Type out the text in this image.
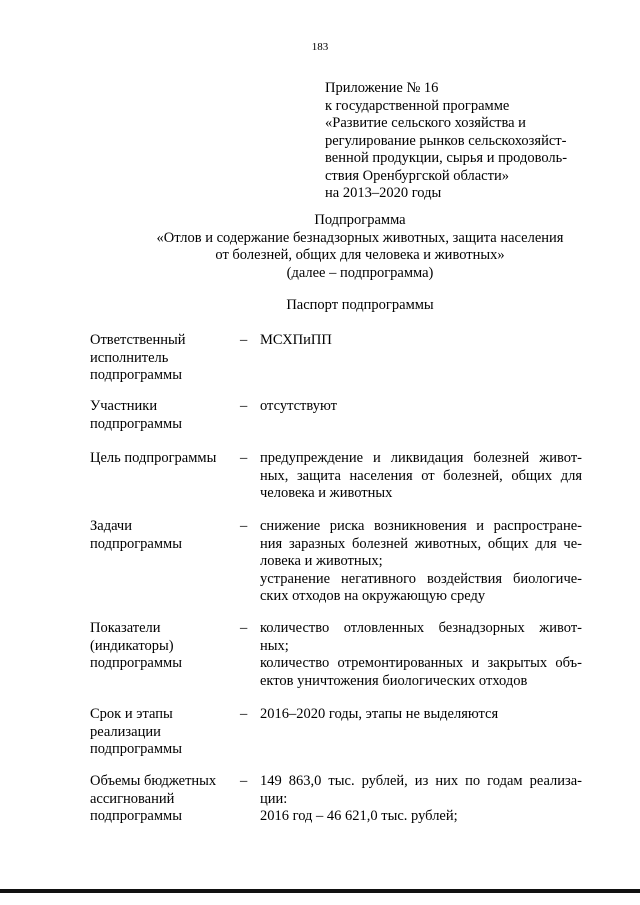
183
Приложение № 16
к государственной программе
«Развитие сельского хозяйства и
регулирование рынков сельскохозяйст-
венной продукции, сырья и продоволь-
ствия Оренбургской области»
на 2013–2020 годы
Подпрограмма
«Отлов и содержание безнадзорных животных, защита населения
от болезней, общих для человека и животных»
(далее – подпрограмма)
Паспорт подпрограммы
Ответственный
исполнитель
подпрограммы
– МСХПиПП
Участники
подпрограммы
– отсутствуют
Цель подпрограммы	– предупреждение и ликвидация болезней живот-
ных, защита населения от болезней, общих для
человека и животных
Задачи
подпрограммы
– снижение риска возникновения и распростране-
ния заразных болезней животных, общих для че-
ловека и животных;
устранение негативного воздействия биологиче-
ских отходов на окружающую среду
Показатели
(индикаторы)
подпрограммы
– количество отловленных безнадзорных живот-
ных;
количество отремонтированных и закрытых объ-
ектов уничтожения биологических отходов
Срок и этапы
реализации
подпрограммы
– 2016–2020 годы, этапы не выделяются
Объемы бюджетных
ассигнований
подпрограммы
– 149 863,0 тыс. рублей, из них по годам реализа-
ции:
2016 год – 46 621,0 тыс. рублей;
